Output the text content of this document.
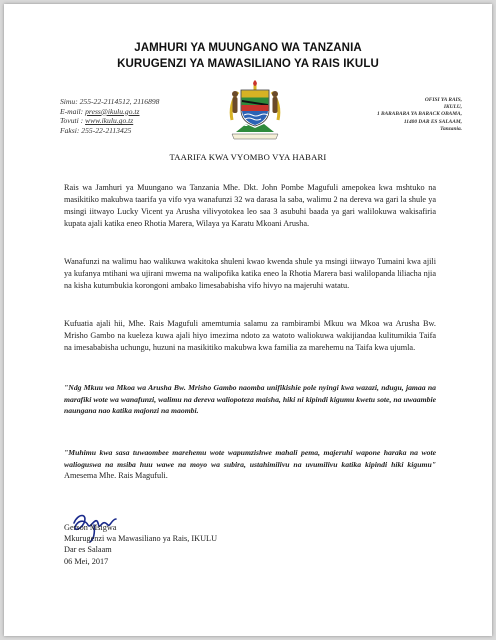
JAMHURI YA MUUNGANO WA TANZANIA
KURUGENZI YA MAWASILIANO YA RAIS IKULU
Simu: 255-22-2114512, 2116898
E-mail: press@ikulu.go.tz
Tovuti : www.ikulu.go.tz
Faksi: 255-22-2113425
OFISI YA RAIS,
IKULU,
1 BARABARA YA BARACK OBAMA,
11400 DAR ES SALAAM,
Tanzania.
TAARIFA KWA VYOMBO VYA HABARI
Rais wa Jamhuri ya Muungano wa Tanzania Mhe. Dkt. John Pombe Magufuli amepokea kwa mshtuko na masikitiko makubwa taarifa ya vifo vya wanafunzi 32 wa darasa la saba, walimu 2 na dereva wa gari la shule ya msingi iitwayo Lucky Vicent ya Arusha vilivyotokea leo saa 3 asubuhi baada ya gari walilokuwa wakisafiria kupata ajali katika eneo Rhotia Marera, Wilaya ya Karatu Mkoani Arusha.
Wanafunzi na walimu hao walikuwa wakitoka shuleni kwao kwenda shule ya msingi iitwayo Tumaini kwa ajili ya kufanya mtihani wa ujirani mwema na walipofika katika eneo la Rhotia Marera basi walilopanda liliacha njia na kisha kutumbukia korongoni ambako limesababisha vifo hivyo na majeruhi watatu.
Kufuatia ajali hii, Mhe. Rais Magufuli amemtumia salamu za rambirambi Mkuu wa Mkoa wa Arusha Bw. Mrisho Gambo na kueleza kuwa ajali hiyo imezima ndoto za watoto waliokuwa wakijiandaa kulitumikia Taifa na imesababisha uchungu, huzuni na masikitiko makubwa kwa familia za marehemu na Taifa kwa ujumla.
"Ndg Mkuu wa Mkoa wa Arusha Bw. Mrisho Gambo naomba unifikishie pole nyingi kwa wazazi, ndugu, jamaa na marafiki wote wa wanafunzi, walimu na dereva waliopoteza maisha, hiki ni kipindi kigumu kwetu sote, na uwaambie naungana nao katika majonzi na maombi.
"Muhimu kwa sasa tuwaombee marehemu wote wapumzishwe mahali pema, majeruhi wapone haraka na wote walioguswa na msiba huu wawe na moyo wa subira, ustahimilivu na uvumilivu katika kipindi hiki kigumu" Amesema Mhe. Rais Magufuli.
Gerson Msigwa
Mkurugenzi wa Mawasiliano ya Rais, IKULU
Dar es Salaam
06 Mei, 2017
